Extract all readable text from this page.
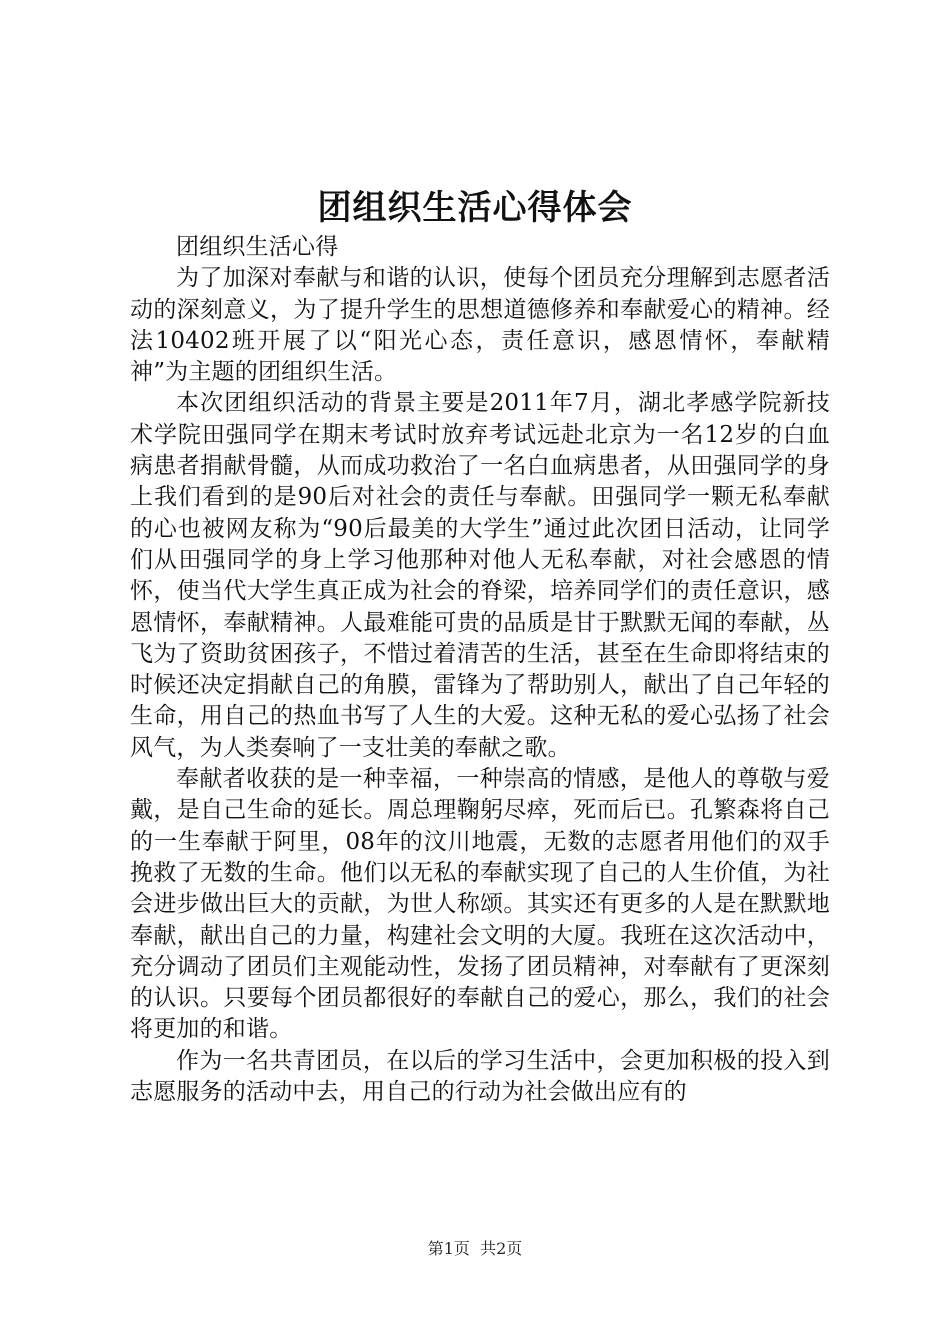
团组织生活心得体会

团组织生活心得

为了加深对奉献与和谐的认识，使每个团员充分理解到志愿者活动的深刻意义，为了提升学生的思想道德修养和奉献爱心的精神。经法10402班开展了以“阳光心态，责任意识，感恩情怀，奉献精神”为主题的团组织生活。

本次团组织活动的背景主要是2011年7月，湖北孝感学院新技术学院田强同学在期末考试时放弃考试远赴北京为一名12岁的白血病患者捐献骨髓，从而成功救治了一名白血病患者，从田强同学的身上我们看到的是90后对社会的责任与奉献。田强同学一颗无私奉献的心也被网友称为“90后最美的大学生”通过此次团日活动，让同学们从田强同学的身上学习他那种对他人无私奉献，对社会感恩的情怀，使当代大学生真正成为社会的脊梁，培养同学们的责任意识，感恩情怀，奉献精神。人最难能可贵的品质是甘于默默无闻的奉献，丛飞为了资助贫困孩子，不惜过着清苦的生活，甚至在生命即将结束的时候还决定捐献自己的角膜，雷锋为了帮助别人，献出了自己年轻的生命，用自己的热血书写了人生的大爱。这种无私的爱心弘扬了社会风气，为人类奏响了一支壮美的奉献之歌。

奉献者收获的是一种幸福，一种崇高的情感，是他人的尊敬与爱戴，是自己生命的延长。周总理鞠躬尽瘁，死而后已。孔繁森将自己的一生奉献于阿里，08年的汶川地震，无数的志愿者用他们的双手挽救了无数的生命。他们以无私的奉献实现了自己的人生价值，为社会进步做出巨大的贡献，为世人称颂。其实还有更多的人是在默默地奉献，献出自己的力量，构建社会文明的大厦。我班在这次活动中，充分调动了团员们主观能动性，发扬了团员精神，对奉献有了更深刻的认识。只要每个团员都很好的奉献自己的爱心，那么，我们的社会将更加的和谐。

作为一名共青团员，在以后的学习生活中，会更加积极的投入到志愿服务的活动中去，用自己的行动为社会做出应有的

第1页 共2页
